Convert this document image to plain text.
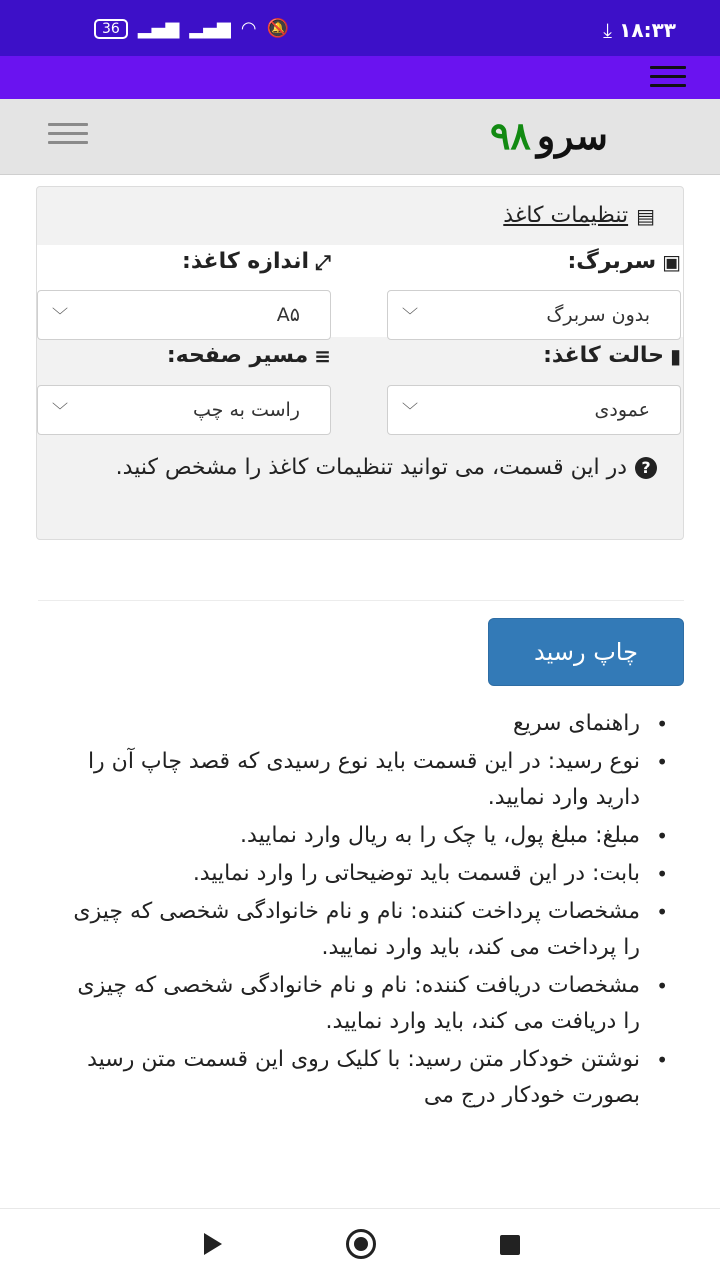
36	▂▄▆ ▂▄▆ ◠ 🔕	⤓ ۱۸:۳۳
سرو۹۸
▤
تنظیمات کاغذ
▣
سربرگ:
⤢
اندازه کاغذ:
بدون سربرگ
﹀
A۵
﹀
▮
حالت کاغذ:
≡
مسیر صفحه:
عمودی
﹀
راست به چپ
﹀
?در این قسمت، می توانید تنظیمات کاغذ را مشخص کنید.
چاپ رسید
• راهنمای سریع
• نوع رسید: در این قسمت باید نوع رسیدی که قصد چاپ آن را دارید وارد نمایید.
• مبلغ: مبلغ پول، یا چک را به ریال وارد نمایید.
• بابت: در این قسمت باید توضیحاتی را وارد نمایید.
• مشخصات پرداخت کننده: نام و نام خانوادگی شخصی که چیزی را پرداخت می کند، باید وارد نمایید.
• مشخصات دریافت کننده: نام و نام خانوادگی شخصی که چیزی را دریافت می کند، باید وارد نمایید.
• نوشتن خودکار متن رسید: با کلیک روی این قسمت متن رسید بصورت خودکار درج می
